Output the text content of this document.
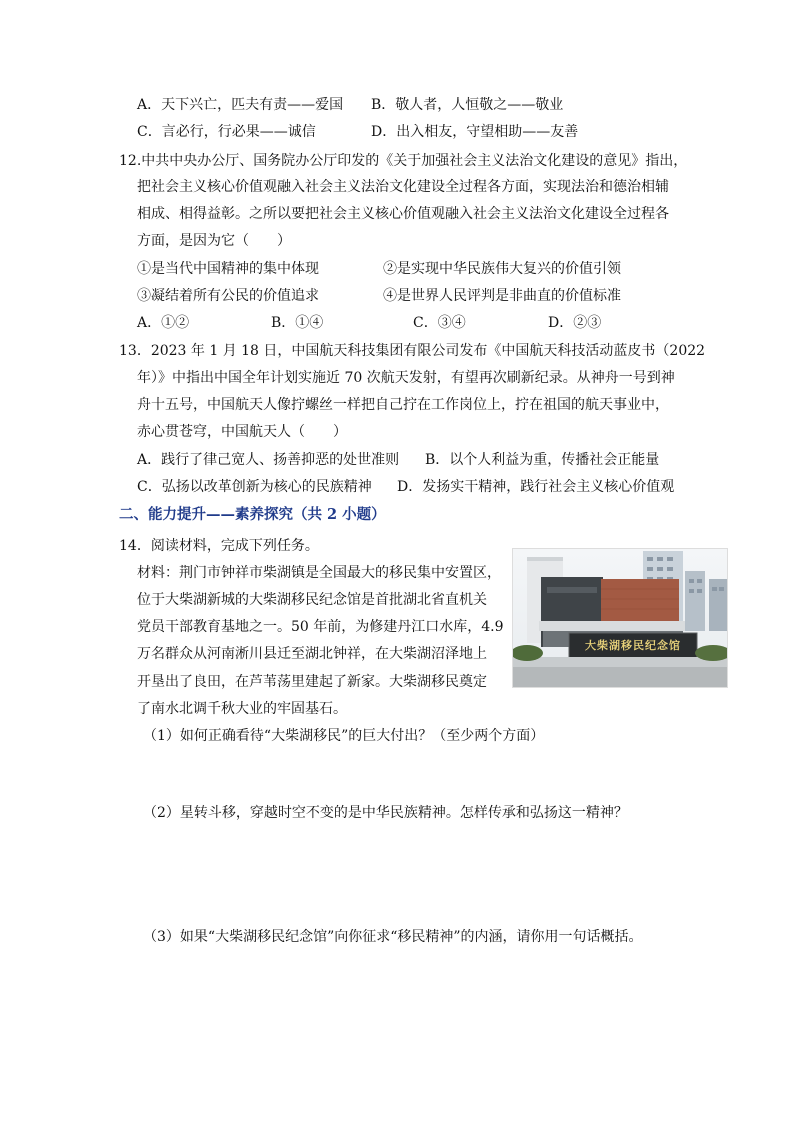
A．天下兴亡，匹夫有责——爱国 B．敬人者，人恒敬之——敬业
C．言必行，行必果——诚信	D．出入相友，守望相助——友善
12.中共中央办公厅、国务院办公厅印发的《关于加强社会主义法治文化建设的意见》指出，
把社会主义核心价值观融入社会主义法治文化建设全过程各方面，实现法治和德治相辅
相成、相得益彰。之所以要把社会主义核心价值观融入社会主义法治文化建设全过程各
方面，是因为它（　　）
①是当代中国精神的集中体现	②是实现中华民族伟大复兴的价值引领
③凝结着所有公民的价值追求	④是世界人民评判是非曲直的价值标准
A．①②	B．①④	C．③④	D．②③
13．2023 年 1 月 18 日，中国航天科技集团有限公司发布《中国航天科技活动蓝皮书（2022
年）》中指出中国全年计划实施近 70 次航天发射，有望再次刷新纪录。从神舟一号到神
舟十五号，中国航天人像拧螺丝一样把自己拧在工作岗位上，拧在祖国的航天事业中，
赤心贯苍穹，中国航天人（　　）
A．践行了律己宽人、扬善抑恶的处世准则 B．以个人利益为重，传播社会正能量
C．弘扬以改革创新为核心的民族精神 D．发扬实干精神，践行社会主义核心价值观
二、能力提升——素养探究（共 2 小题）
14．阅读材料，完成下列任务。
材料：荆门市钟祥市柴湖镇是全国最大的移民集中安置区，
位于大柴湖新城的大柴湖移民纪念馆是首批湖北省直机关
党员干部教育基地之一。50 年前，为修建丹江口水库，4.9
万名群众从河南淅川县迁至湖北钟祥，在大柴湖沼泽地上
开垦出了良田，在芦苇荡里建起了新家。大柴湖移民奠定
了南水北调千秋大业的牢固基石。
大柴湖移民纪念馆
（1）如何正确看待“大柴湖移民”的巨大付出？（至少两个方面）
（2）星转斗移，穿越时空不变的是中华民族精神。怎样传承和弘扬这一精神？
（3）如果“大柴湖移民纪念馆”向你征求“移民精神”的内涵，请你用一句话概括。
